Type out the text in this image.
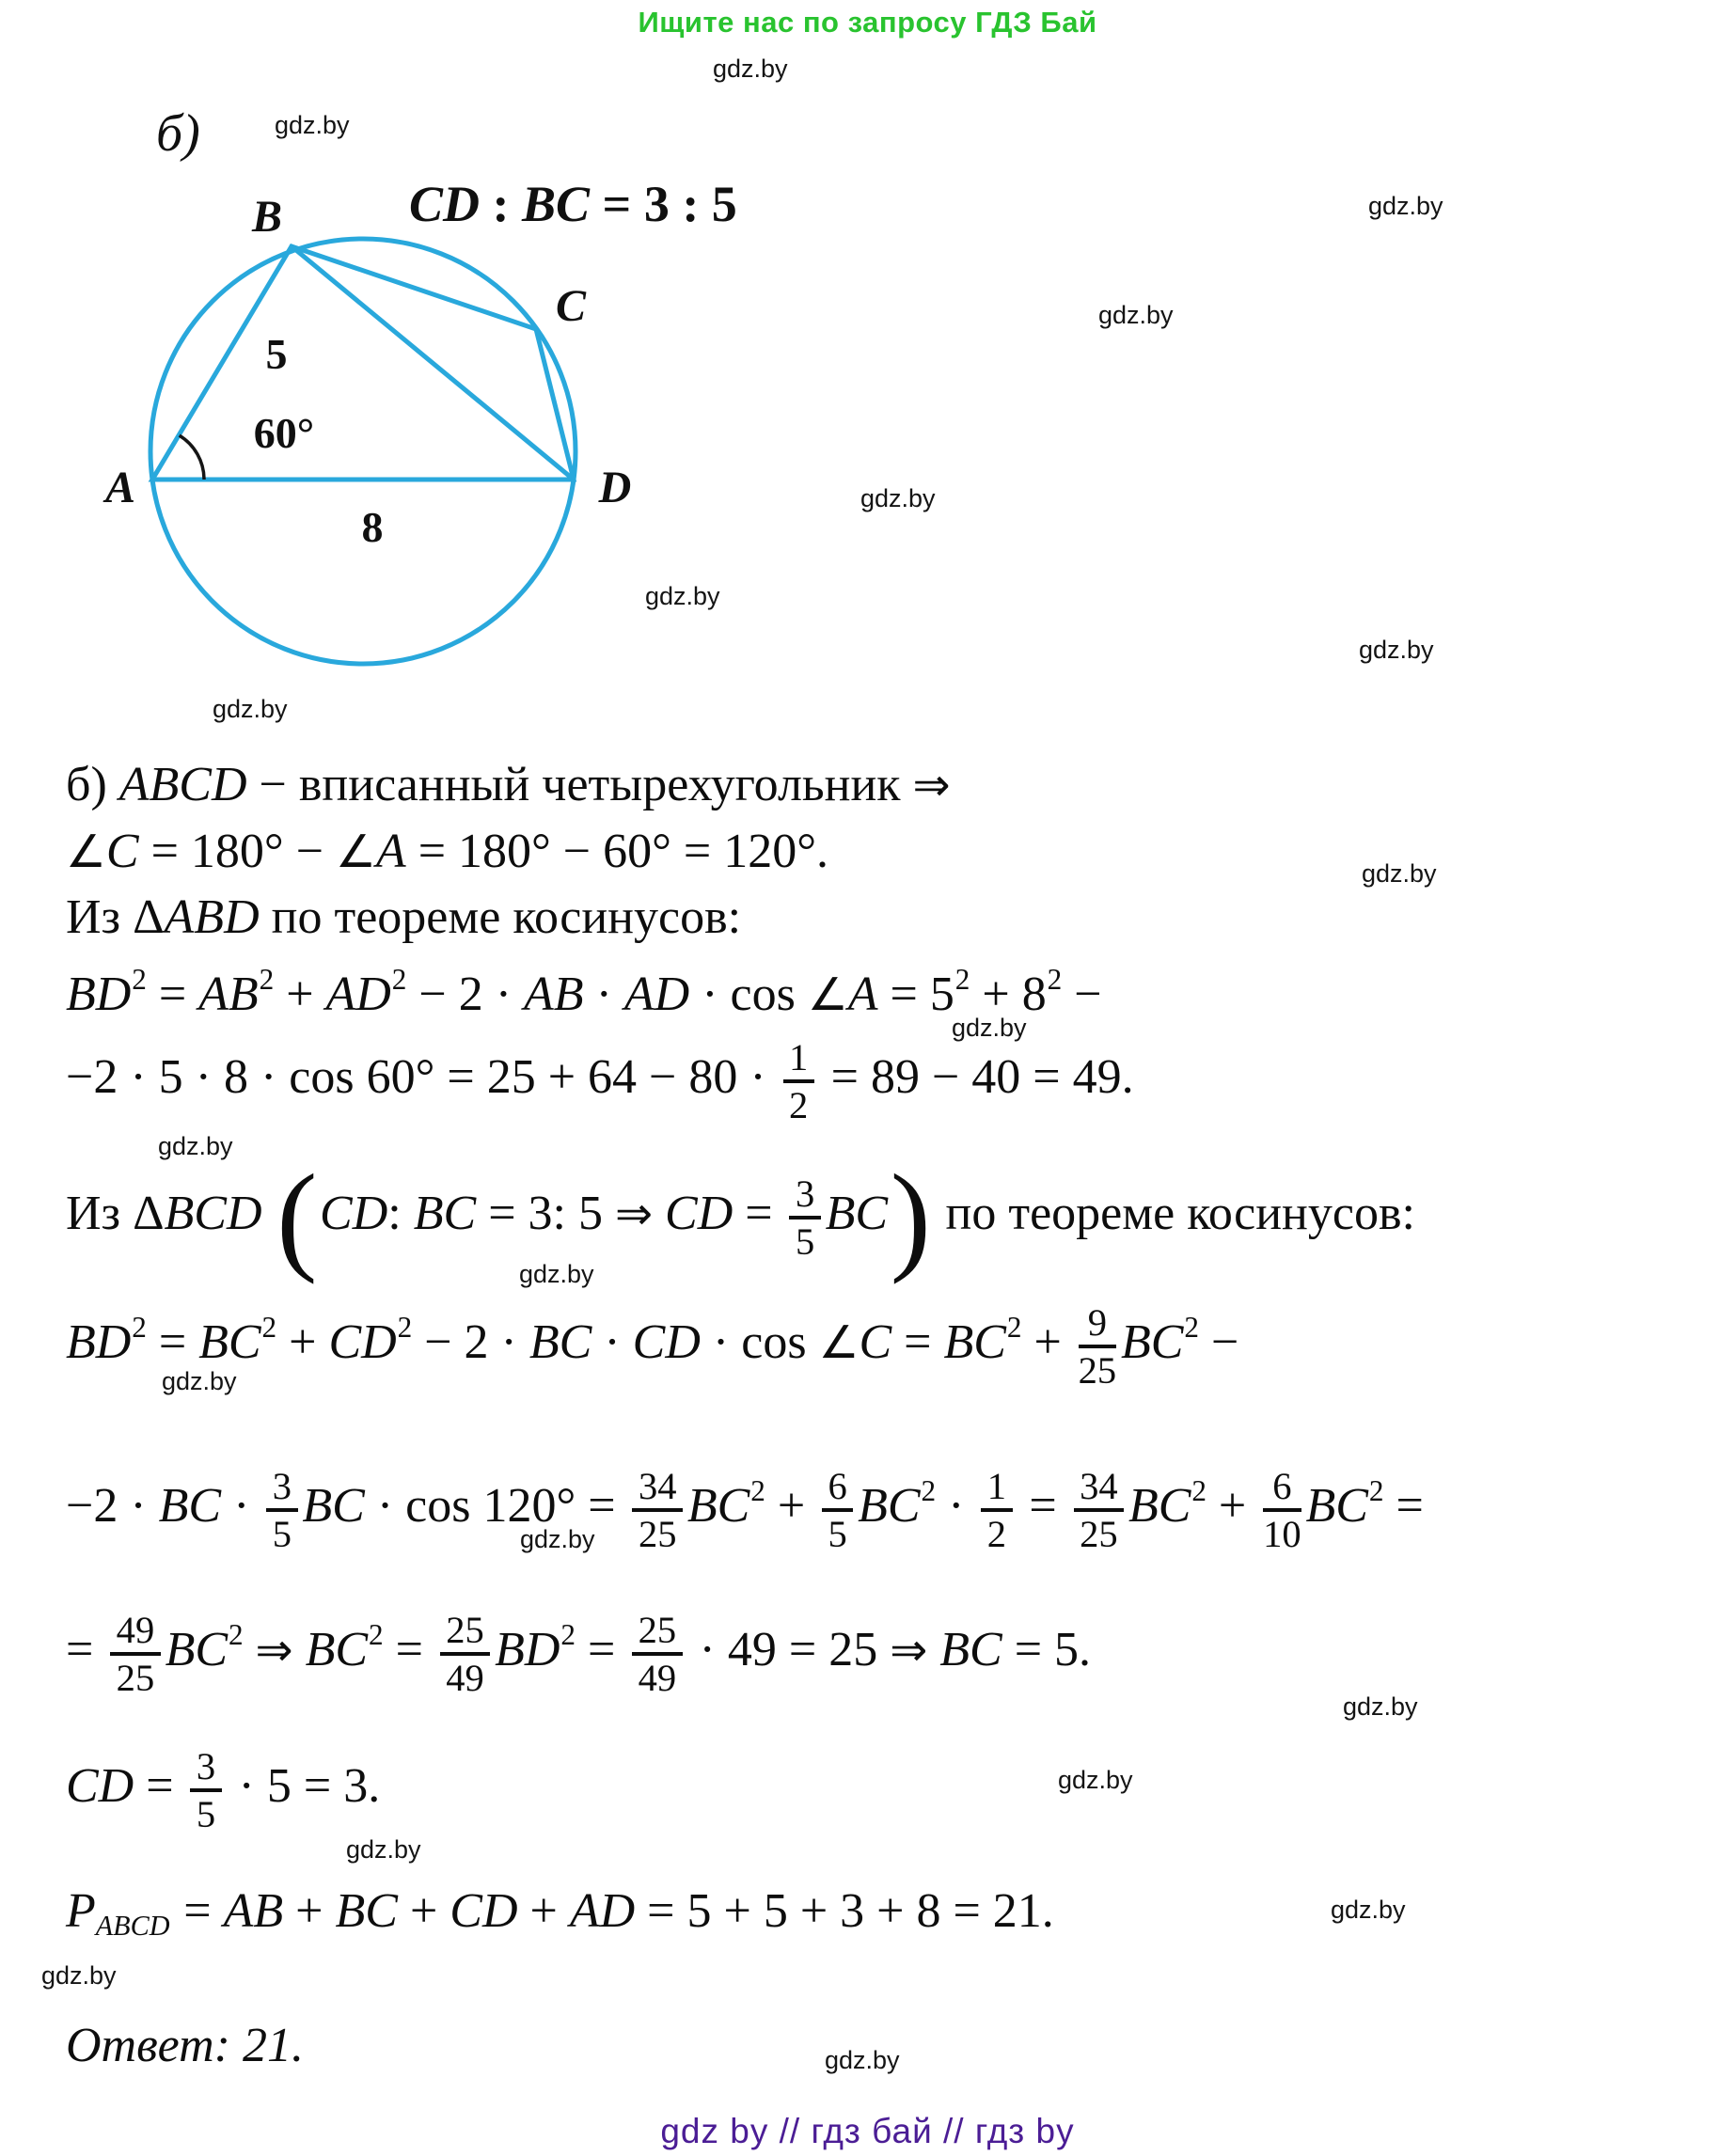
Ищите нас по запросу ГДЗ Бай
gdz.by
gdz.by
gdz.by
gdz.by
gdz.by
gdz.by
gdz.by
gdz.by
gdz.by
gdz.by
gdz.by
gdz.by
gdz.by
gdz.by
gdz.by
gdz.by
gdz.by
gdz.by
gdz.by
gdz.by
б)
CD : BC = 3 : 5
B
C
A	D
5
60°
8
б) ABCD − вписанный четырехугольник ⇒
∠C = 180° − ∠A = 180° − 60° = 120°.
Из ΔABD по теореме косинусов:
$BD^2 = AB^2 + AD^2 - 2$ · AB · AD · cos ∠A = $5^2 + 8^2$ −
$-2 \cdot 5 \cdot 8 \cdot \cos 60^\circ = 25 + 64 - 80 \cdot \frac{1}{2} = 89 - 40 = 49$.
Из ΔBCD (CD: BC = 3: 5 ⇒ CD = $\frac{3}{5} BC$) по теореме косинусов:
$BD^2 = BC^2 + CD^2 - 2$ · BC · CD · cos ∠C = $BC^2 + \frac{9}{25} BC^2$ −
−2 · BC · $\frac{3}{5}$ BC · $\cos 120^\circ = \frac{34}{25} BC^2 + \frac{6}{5} BC^2 \cdot \frac{1}{2} = \frac{34}{25} BC^2 + \frac{6}{10} BC^2$ =
= $\frac{49}{25} BC^2$ ⇒ $BC^2 = \frac{25}{49} BD^2 = \frac{25}{49} \cdot 49 = 25$ ⇒ BC = 5.
CD = $\frac{3}{5} \cdot 5 = 3$.
$P_{ABCD}$ = AB + BC + CD + AD = 5 + 5 + 3 + 8 = 21.
Ответ: 21.
gdz by // гдз бай // гдз by
